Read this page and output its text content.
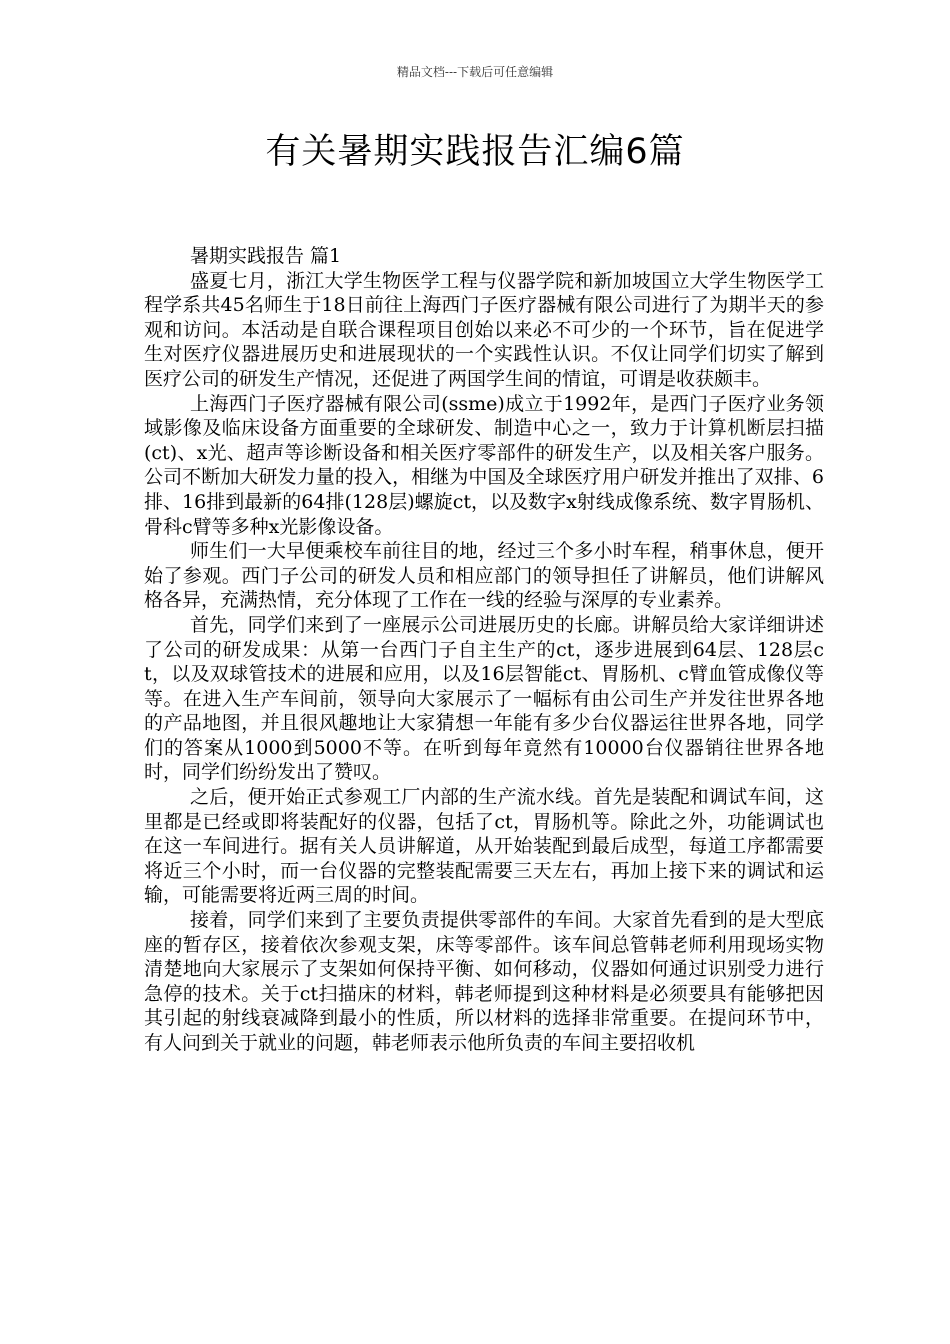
精品文档---下载后可任意编辑
有关暑期实践报告汇编6篇

暑期实践报告 篇1

盛夏七月，浙江大学生物医学工程与仪器学院和新加坡国立大学生物医学工程学系共45名师生于18日前往上海西门子医疗器械有限公司进行了为期半天的参观和访问。本活动是自联合课程项目创始以来必不可少的一个环节，旨在促进学生对医疗仪器进展历史和进展现状的一个实践性认识。不仅让同学们切实了解到医疗公司的研发生产情况，还促进了两国学生间的情谊，可谓是收获颇丰。

上海西门子医疗器械有限公司(ssme)成立于1992年，是西门子医疗业务领域影像及临床设备方面重要的全球研发、制造中心之一，致力于计算机断层扫描(ct)、x光、超声等诊断设备和相关医疗零部件的研发生产，以及相关客户服务。公司不断加大研发力量的投入，相继为中国及全球医疗用户研发并推出了双排、6排、16排到最新的64排(128层)螺旋ct，以及数字x射线成像系统、数字胃肠机、骨科c臂等多种x光影像设备。

师生们一大早便乘校车前往目的地，经过三个多小时车程，稍事休息，便开始了参观。西门子公司的研发人员和相应部门的领导担任了讲解员，他们讲解风格各异，充满热情，充分体现了工作在一线的经验与深厚的专业素养。

首先，同学们来到了一座展示公司进展历史的长廊。讲解员给大家详细讲述了公司的研发成果：从第一台西门子自主生产的ct，逐步进展到64层、128层ct，以及双球管技术的进展和应用，以及16层智能ct、胃肠机、c臂血管成像仪等等。在进入生产车间前，领导向大家展示了一幅标有由公司生产并发往世界各地的产品地图，并且很风趣地让大家猜想一年能有多少台仪器运往世界各地，同学们的答案从1000到5000不等。在听到每年竟然有10000台仪器销往世界各地时，同学们纷纷发出了赞叹。

之后，便开始正式参观工厂内部的生产流水线。首先是装配和调试车间，这里都是已经或即将装配好的仪器，包括了ct，胃肠机等。除此之外，功能调试也在这一车间进行。据有关人员讲解道，从开始装配到最后成型，每道工序都需要将近三个小时，而一台仪器的完整装配需要三天左右，再加上接下来的调试和运输，可能需要将近两三周的时间。

接着，同学们来到了主要负责提供零部件的车间。大家首先看到的是大型底座的暂存区，接着依次参观支架，床等零部件。该车间总管韩老师利用现场实物清楚地向大家展示了支架如何保持平衡、如何移动，仪器如何通过识别受力进行急停的技术。关于ct扫描床的材料，韩老师提到这种材料是必须要具有能够把因其引起的射线衰减降到最小的性质，所以材料的选择非常重要。在提问环节中，有人问到关于就业的问题，韩老师表示他所负责的车间主要招收机
